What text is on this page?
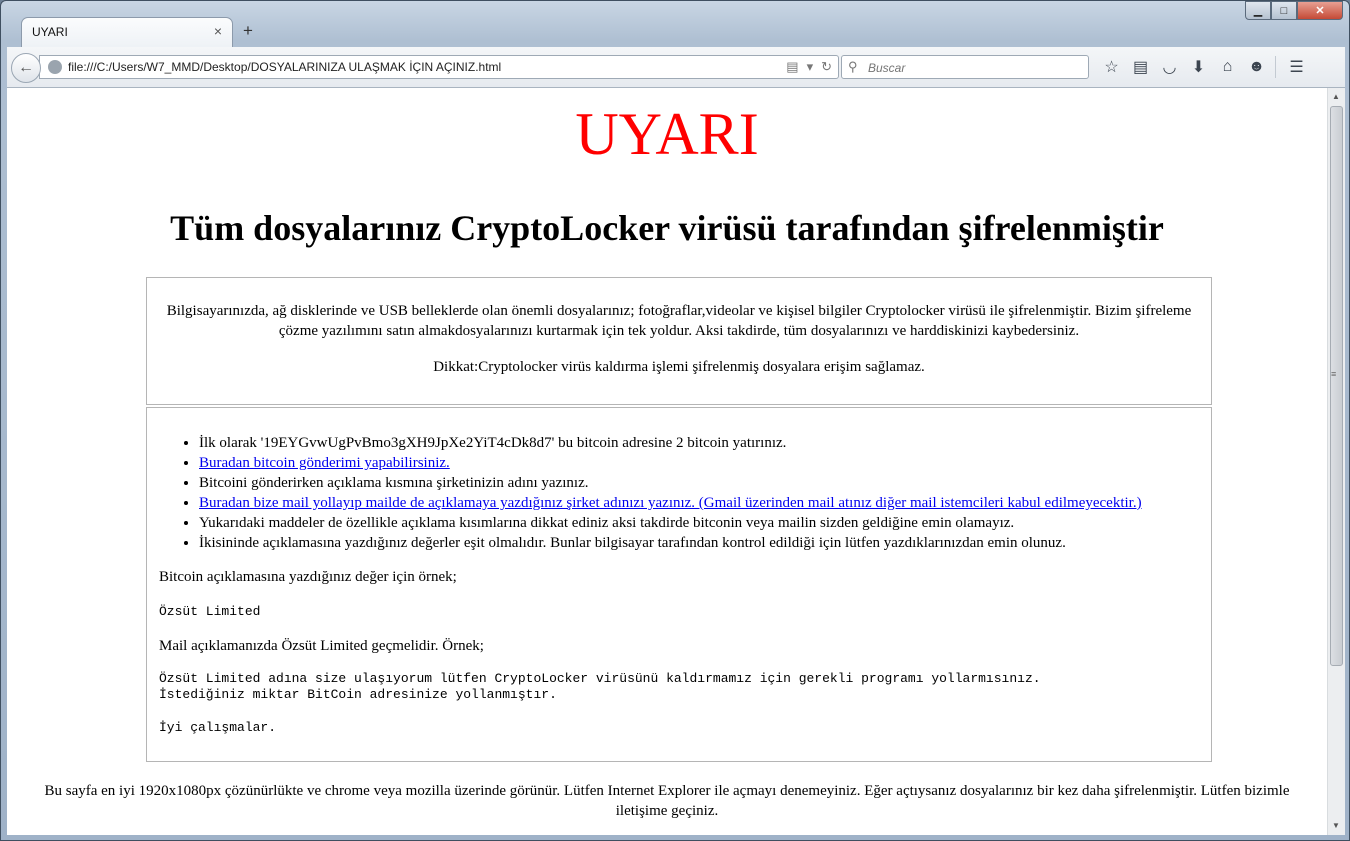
UYARI	× +
▁	□	✕
file:///C:/Users/W7_MMD/Desktop/DOSYALARINIZA ULAŞMAK İÇIN AÇINIZ.html	▤ ▾ ↻
←	⚲
Buscar	☆ ▤ ◡ ⬇	⌂ ☻	☰
UYARI
Tüm dosyalarınız CryptoLocker virüsü tarafından şifrelenmiştir

Bilgisayarınızda, ağ disklerinde ve USB belleklerde olan önemli dosyalarınız; fotoğraflar,videolar ve kişisel bilgiler Cryptolocker virüsü ile şifrelenmiştir. Bizim şifreleme çözme yazılımını satın almakdosyalarınızı kurtarmak için tek yoldur. Aksi takdirde, tüm dosyalarınızı ve harddiskinizi kaybedersiniz.

Dikkat:Cryptolocker virüs kaldırma işlemi şifrelenmiş dosyalara erişim sağlamaz.

• İlk olarak '19EYGvwUgPvBmo3gXH9JpXe2YiT4cDk8d7' bu bitcoin adresine 2 bitcoin yatırınız.
• Buradan bitcoin gönderimi yapabilirsiniz.
• Bitcoini gönderirken açıklama kısmına şirketinizin adını yazınız.
• Buradan bize mail yollayıp mailde de açıklamaya yazdığınız şirket adınızı yazınız. (Gmail üzerinden mail atınız diğer mail istemcileri kabul edilmeyecektir.)
• Yukarıdaki maddeler de özellikle açıklama kısımlarına dikkat ediniz aksi takdirde bitconin veya mailin sizden geldiğine emin olamayız.
• İkisininde açıklamasına yazdığınız değerler eşit olmalıdır. Bunlar bilgisayar tarafından kontrol edildiği için lütfen yazdıklarınızdan emin olunuz.

Bitcoin açıklamasına yazdığınız değer için örnek;

Özsüt Limited

Mail açıklamanızda Özsüt Limited geçmelidir. Örnek;

Özsüt Limited adına size ulaşıyorum lütfen CryptoLocker virüsünü kaldırmamız için gerekli programı yollarmısınız.
İstediğiniz miktar BitCoin adresinize yollanmıştır.
İyi çalışmalar.

Bu sayfa en iyi 1920x1080px çözünürlükte ve chrome veya mozilla üzerinde görünür. Lütfen Internet Explorer ile açmayı denemeyiniz. Eğer açtıysanız dosyalarınız bir kez daha şifrelenmiştir. Lütfen bizimle iletişime geçiniz.

▲
≡
▼
